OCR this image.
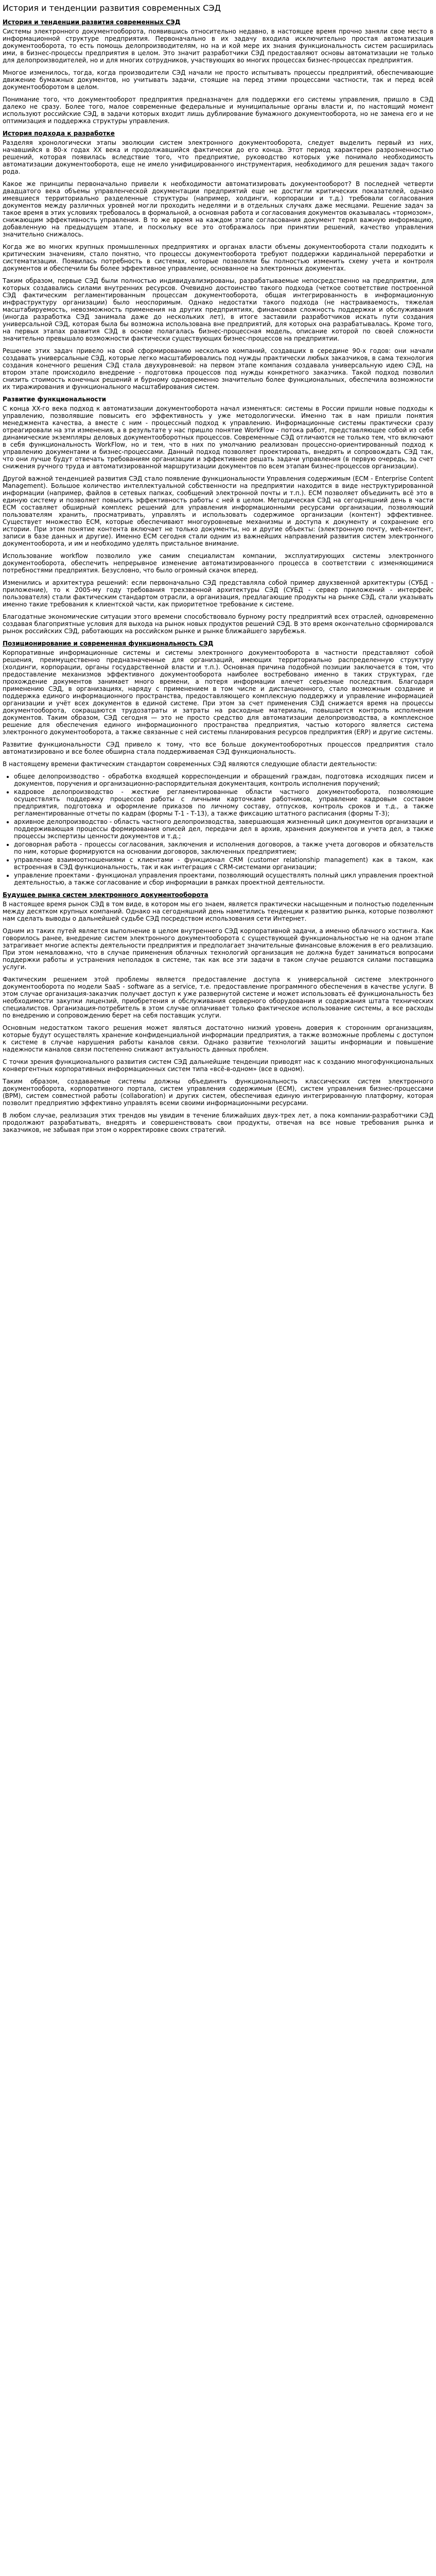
История и тенденции развития современных СЭД
История и тенденции развития современных СЭД

Системы электронного документооборота, появившись относительно недавно, в настоящее время прочно заняли свое место в информационной структуре предприятия. Первоначально в их задачу входила исключительно простая автоматизация документооборота, то есть помощь делопроизводителям, но на и кой мере их знания функциональность систем расширилась ими, в бизнес-процессы предприятия в целом. Это значит разработчики СЭД предоставляют основы автоматизации не только для делопроизводителей, но и для многих сотрудников, участвующих во многих процессах бизнес-процессах предприятия.

Многое изменилось, тогда, когда производители СЭД начали не просто испытывать процессы предприятий, обеспечивающие движение бумажных документов, но учитывать задачи, стоящие на перед этими процессами частности, так и перед всей документооборотом в целом.

Понимание того, что документооборот предприятия предназначен для поддержки его системы управления, пришло в СЭД далеко не сразу. Более того, малое современные федеральные и муниципальные органы власти и, по настоящий момент используют российские СЭД, в задачи которых входит лишь дублирование бумажного документооборота, но не замена его и не оптимизация и поддержка структуры управления.

История подхода к разработке

Разделяя хронологически этапы эволюции систем электронного документооборота, следует выделить первый из них, начавшийся в 80-х годах XX века и продолжавшийся фактически до его конца. Этот период характерен разрозненностью решений, которая появилась вследствие того, что предприятие, руководство которых уже понимало необходимость автоматизации документооборота, еще не имело унифицированного инструментария, необходимого для решения задач такого рода.

Какое же принципы первоначально привели к необходимости автоматизировать документооборот? В последней четверти двадцатого века объемы управленческой документации предприятий еще не достигли критических показателей, однако имевшиеся территориально разделенные структуры (например, холдинги, корпорации и т.д.) требовали согласования документов между различных уровней могли проходить неделями и в отдельных случаях даже месяцами. Решение задач за такое время в этих условиях требовалось в формальной, а основная работа и согласования документов оказывалась «тормозом», снижающим эффективность управления. В то же время на каждом этапе согласования документ терял важную информацию, добавленную на предыдущем этапе, и поскольку все это отображалось при принятии решений, качество управления значительно снижалось.

Когда же во многих крупных промышленных предприятиях и органах власти объемы документооборота стали подходить к критическим значениям, стало понятно, что процессы документооборота требуют поддержки кардинальной переработки и систематизации. Появилась потребность в системах, которые позволяли бы полностью изменить схему учета и контроля документов и обеспечили бы более эффективное управление, основанное на электронных документах.

Таким образом, первые СЭД были полностью индивидуализированы, разрабатываемые непосредственно на предприятии, для которых создавались силами внутренних ресурсов. Очевидно достоинство такого подхода (четкое соответствие построенной СЭД фактическим регламентированным процессам документооборота, общая интегрированность в информационную инфраструктуру организации) было неоспоримым. Однако недостатки такого подхода (не настраиваемость, тяжелая масштабируемость, невозможность применения на других предприятиях, финансовая сложность поддержки и обслуживания (иногда разработка СЭД занимала даже до нескольких лет), в итоге заставили разработчиков искать пути создания универсальной СЭД, которая была бы возможна использована вне предприятий, для которых она разрабатывалась. Кроме того, на первых этапах развития СЭД в основе полагалась бизнес-процессная модель, описание которой по своей сложности значительно превышало возможности фактически существующих бизнес-процессов на предприятии.

Решение этих задач привело на свой сформированию несколько компаний, создавших в середине 90-х годов: они начали создавать универсальные СЭД, которые легко масштабировались под нужды практически любых заказчиков, в сама технология создания конечного решения СЭД стала двухуровневой: на первом этапе компания создавала универсальную идею СЭД, на втором этапе происходило внедрение - подготовка процессов под нужды конкретного заказчика. Такой подход позволил снизить стоимость конечных решений и бурному одновременно значительно более функциональных, обеспечила возможности их тиражирования и функционального масштабирования систем.

Развитие функциональности

С конца XX-го века подход к автоматизации документооборота начал изменяться: системы в России пришли новые подходы к управлению, позволявшие повысить его эффективность у уже методологически. Именно так в нам пришли понятия менеджмента качества, а вместе с ним - процессный подход к управлению. Информационные системы практически сразу отреагировали на эти изменения, а в результате у нас пришло понятие WorkFlow - потока работ, представляющее собой из себя динамические экземпляры деловых документооборотных процессов. Современные СЭД отличаются не только тем, что включают в себя функциональность WorkFlow, но и тем, что в них по умолчанию реализован процессно-ориентированный подход к управлению документами и бизнес-процессами. Данный подход позволяет проектировать, внедрять и сопровождать СЭД так, что они лучше будут отвечать требованиям организации и эффективнее решать задачи управления (в первую очередь, за счет снижения ручного труда и автоматизированной маршрутизации документов по всем этапам бизнес-процессов организации).

Другой важной тенденцией развития СЭД стало появление функциональности Управления содержимым (ECM - Enterprise Content Management). Большое количество интеллектуальной собственности на предприятии находится в виде неструктурированной информации (например, файлов в сетевых папках, сообщений электронной почты и т.п.). ECM позволяет объединить всё это в единую систему и позволяет повысить эффективность работы с ней в целом. Методическая СЭД на сегодняшний день в части ECM составляет обширный комплекс решений для управления информационными ресурсами организации, позволяющий пользователям хранить, просматривать, управлять и использовать содержимое организации (контент) эффективнее. Существует множество ECM, которые обеспечивают многоуровневые механизмы и доступа к документу и сохранение его истории. При этом понятие контента включает не только документы, но и другие объекты: (электронную почту, web-контент, записи в базе данных и другие). Именно ECM сегодня стали одним из важнейших направлений развития систем электронного документооборота, и им и необходимо уделять пристальное внимание.

Использование workflow позволило уже самим специалистам компании, эксплуатирующих системы электронного документооборота, обеспечить непрерывное изменение автоматизированного процесса в соответствии с изменяющимися потребностями предприятия. Безусловно, что было огромный скачок вперед.

Изменились и архитектура решений: если первоначально СЭД представляла собой пример двухзвенной архитектуры (СУБД - приложение), то к 2005-му году требования трехзвенной архитектуры СЭД (СУБД - сервер приложений - интерфейс пользователя) стали фактическим стандартом отрасли, а организация, предлагающие продукты на рынке СЭД, стали указывать именно такие требования к клиентской части, как приоритетное требование к системе.

Благодатные экономические ситуации этого времени способствовало бурному росту предприятий всех отраслей, одновременно создавая благоприятные условия для выхода на рынок новых продуктов решений СЭД. В это время окончательно сформировался рынок российских СЭД, работающих на российском рынке и рынке ближайшего зарубежья.

Позиционирование и современная функциональность СЭД

Корпоративные информационные системы и системы электронного документооборота в частности представляют собой решения, преимущественно предназначенные для организаций, имеющих территориально распределенную структуру (холдинги, корпорации, органы государственной власти и т.п.). Основная причина подобной позиции заключается в том, что предоставление механизмов эффективного документооборота наиболее востребовано именно в таких структурах, где прохождение документов занимает много времени, а потеря информации влечет серьезные последствия. Благодаря применению СЭД, в организациях, наряду с применением в том числе и дистанционного, стало возможным создание и поддержка единого информационного пространства, предоставляющего комплексную поддержку и управление информацией организации и учёт всех документов в единой системе. При этом за счет применения СЭД снижается время на процессы документооборота, сокращаются трудозатраты и затраты на расходные материалы, повышается контроль исполнения документов. Таким образом, СЭД сегодня — это не просто средство для автоматизации делопроизводства, а комплексное решение для обеспечения единого информационного пространства предприятия, частью которого является система электронного документооборота, а также связанные с ней системы планирования ресурсов предприятия (ERP) и другие системы.

Развитие функциональности СЭД привело к тому, что все больше документооборотных процессов предприятия стало автоматизировано и все более обширна стала поддерживаемая СЭД функциональность.

В настоящему времени фактическим стандартом современных СЭД являются следующие области деятельности:

• общее делопроизводство - обработка входящей корреспонденции и обращений граждан, подготовка исходящих писем и документов, поручения и организационно-распорядительная документация, контроль исполнения поручений;
• кадровое делопроизводство - жесткие регламентированные области частного документооборота, позволяющие осуществлять поддержку процессов работы с личными карточками работников, управление кадровым составом предприятия, подготовка и оформление приказов по личному составу, отпусков, контроль сроков и т.д., а также регламентированные отчеты по кадрам (формы Т-1 - Т-13), а также фиксацию штатного расписания (формы Т-3);
• архивное делопроизводство - область частного делопроизводства, завершающая жизненный цикл документов организации и поддерживающая процессы формирования описей дел, передачи дел в архив, хранения документов и учета дел, а также процессы экспертизы ценности документов и т.д.;
• договорная работа - процессы согласования, заключения и исполнения договоров, а также учета договоров и обязательств по ним, которые формируются на основании договоров, заключенных предприятием;
• управление взаимоотношениями с клиентами - функционал CRM (customer relationship management) как в таком, как встроенная в СЭД функциональность, так и как интеграция с CRM-системами организации;
• управление проектами - функционал управления проектами, позволяющий осуществлять полный цикл управления проектной деятельностью, а также согласование и сбор информации в рамках проектной деятельности.
Будущее рынка систем электронного документооборота

В настоящее время рынок СЭД в том виде, в котором мы его знаем, является практически насыщенным и полностью поделенным между десятком крупных компаний. Однако на сегодняшний день наметились тенденции к развитию рынка, которые позволяют нам сделать выводы о дальнейшей судьбе СЭД посредством использования сети Интернет.

Одним из таких путей является выполнение в целом внутреннего СЭД корпоративной задачи, а именно облачного хостинга. Как говорилось ранее, внедрение систем электронного документооборота с существующей функциональностью не на одном этапе затрагивает многие аспекты деятельности предприятия и предполагает значительные финансовые вложения в его реализацию. При этом немаловажно, что в случае применения облачных технологий организация не должна будет заниматься вопросами поддержки работы и устранения неполадок в системе, так как все эти задачи в таком случае решаются силами поставщика услуги.

Фактическим решением этой проблемы является предоставление доступа к универсальной системе электронного документооборота по модели SaaS - software as a service, т.е. предоставление программного обеспечения в качестве услуги. В этом случае организация-заказчик получает доступ к уже развернутой системе и может использовать её функциональность без необходимости закупки лицензий, приобретения и обслуживания серверного оборудования и содержания штата технических специалистов. Организация-потребитель в этом случае оплачивает только фактическое использование системы, а все расходы по внедрению и сопровождению берет на себя поставщик услуги.

Основным недостатком такого решения может являться достаточно низкий уровень доверия к сторонним организациям, которые будут осуществлять хранение конфиденциальной информации предприятия, а также возможные проблемы с доступом к системе в случае нарушения работы каналов связи. Однако развитие технологий защиты информации и повышение надежности каналов связи постепенно снижают актуальность данных проблем.

С точки зрения функционального развития систем СЭД дальнейшие тенденции приводят нас к созданию многофункциональных конвергентных корпоративных информационных систем типа «всё-в-одном» (все в одном).

Таким образом, создаваемые системы должны объединять функциональность классических систем электронного документооборота, корпоративного портала, систем управления содержимым (ECM), систем управления бизнес-процессами (BPM), систем совместной работы (collaboration) и других систем, обеспечивая единую интегрированную платформу, которая позволит предприятию эффективно управлять всеми своими информационными ресурсами.

В любом случае, реализация этих трендов мы увидим в течение ближайших двух-трех лет, а пока компании-разработчики СЭД продолжают разрабатывать, внедрять и совершенствовать свои продукты, отвечая на все новые требования рынка и заказчиков, не забывая при этом о корректировке своих стратегий.
